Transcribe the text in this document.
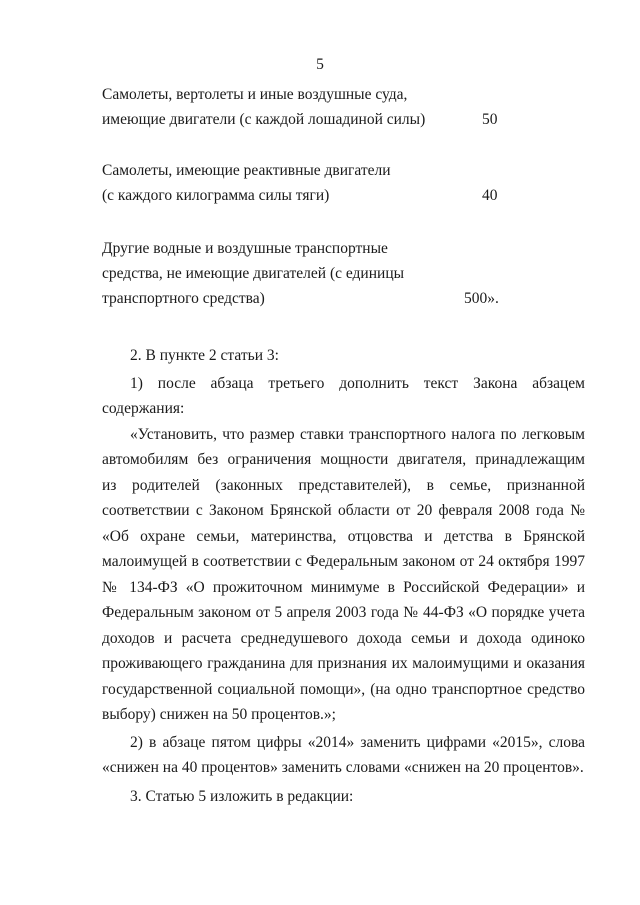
5
Самолеты, вертолеты и иные воздушные суда,
имеющие двигатели (с каждой лошадиной силы)	50
Самолеты, имеющие реактивные двигатели
(с каждого килограмма силы тяги)	40
Другие водные и воздушные транспортные
средства, не имеющие двигателей (с единицы
транспортного средства)	500».
2. В пункте 2 статьи 3:
1) после абзаца третьего дополнить текст Закона абзацем
содержания:
«Установить, что размер ставки транспортного налога по легковым
автомобилям без ограничения мощности двигателя, принадлежащим
из родителей (законных представителей), в семье, признанной
соответствии с Законом Брянской области от 20 февраля 2008 года №
«Об охране семьи, материнства, отцовства и детства в Брянской
малоимущей в соответствии с Федеральным законом от 24 октября 1997
№ 134-ФЗ «О прожиточном минимуме в Российской Федерации» и
Федеральным законом от 5 апреля 2003 года № 44-ФЗ «О порядке учета
доходов и расчета среднедушевого дохода семьи и дохода одиноко
проживающего гражданина для признания их малоимущими и оказания
государственной социальной помощи», (на одно транспортное средство
выбору) снижен на 50 процентов.»;
2) в абзаце пятом цифры «2014» заменить цифрами «2015», слова
«снижен на 40 процентов» заменить словами «снижен на 20 процентов».
3. Статью 5 изложить в редакции:
